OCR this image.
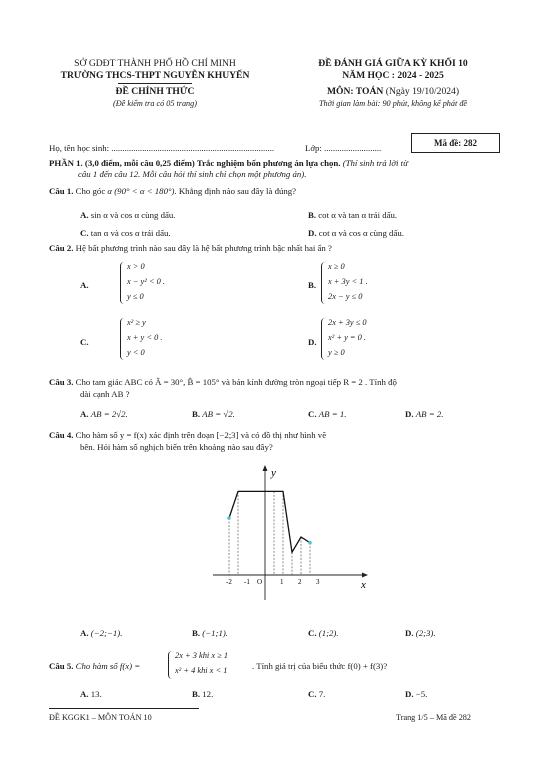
SỞ GDĐT THÀNH PHỐ HỒ CHÍ MINH
TRƯỜNG THCS-THPT NGUYỄN KHUYẾN
ĐỀ CHÍNH THỨC
(Đề kiểm tra có 05 trang)
ĐỀ ĐÁNH GIÁ GIỮA KỲ KHỐI 10
NĂM HỌC : 2024 - 2025
MÔN: TOÁN (Ngày 19/10/2024)
Thời gian làm bài: 90 phút, không kể phát đề
Họ, tên học sinh: ..........................................................................	Lớp: ..........................	Mã đề: 282
PHẦN 1. (3,0 điểm, mỗi câu 0,25 điểm) Trắc nghiệm bốn phương án lựa chọn. (Thí sinh trả lời từ
câu 1 đến câu 12. Mỗi câu hỏi thí sinh chỉ chọn một phương án).
Câu 1. Cho góc α (90° < α < 180°). Khẳng định nào sau đây là đúng?
A. sin α và cos α cùng dấu.	B. cot α và tan α trái dấu.
C. tan α và cos α trái dấu.	D. cot α và cos α cùng dấu.
Câu 2. Hệ bất phương trình nào sau đây là hệ bất phương trình bậc nhất hai ẩn ?
A.
x > 0
x − y² < 0 .
y ≤ 0
B.
x ≥ 0
x + 3y < 1 .
2x − y ≤ 0
C.
x² ≥ y
x + y < 0 .
y < 0
D.
2x + 3y ≤ 0
x² + y = 0 .
y ≥ 0
Câu 3. Cho tam giác ABC có Â = 30°, B̂ = 105° và bán kính đường tròn ngoại tiếp R = 2 . Tính độ
dài cạnh AB ?
A. AB = 2√2.	B. AB = √2.	C. AB = 1.	D. AB = 2.
Câu 4. Cho hàm số y = f(x) xác định trên đoạn [−2;3] và có đồ thị như hình vẽ
bên. Hỏi hàm số nghịch biến trên khoảng nào sau đây?
y
x
O
-2 -1	1 2 3
A. (−2;−1).	B. (−1;1).	C. (1;2).	D. (2;3).
Câu 5. Cho hàm số f(x) =
2x + 3 khi x ≥ 1
x² + 4 khi x < 1	. Tính giá trị của biểu thức f(0) + f(3)?
A. 13.	B. 12.	C. 7.	D. −5.
ĐỀ KGGK1 – MÔN TOÁN 10	Trang 1/5 – Mã đề 282
